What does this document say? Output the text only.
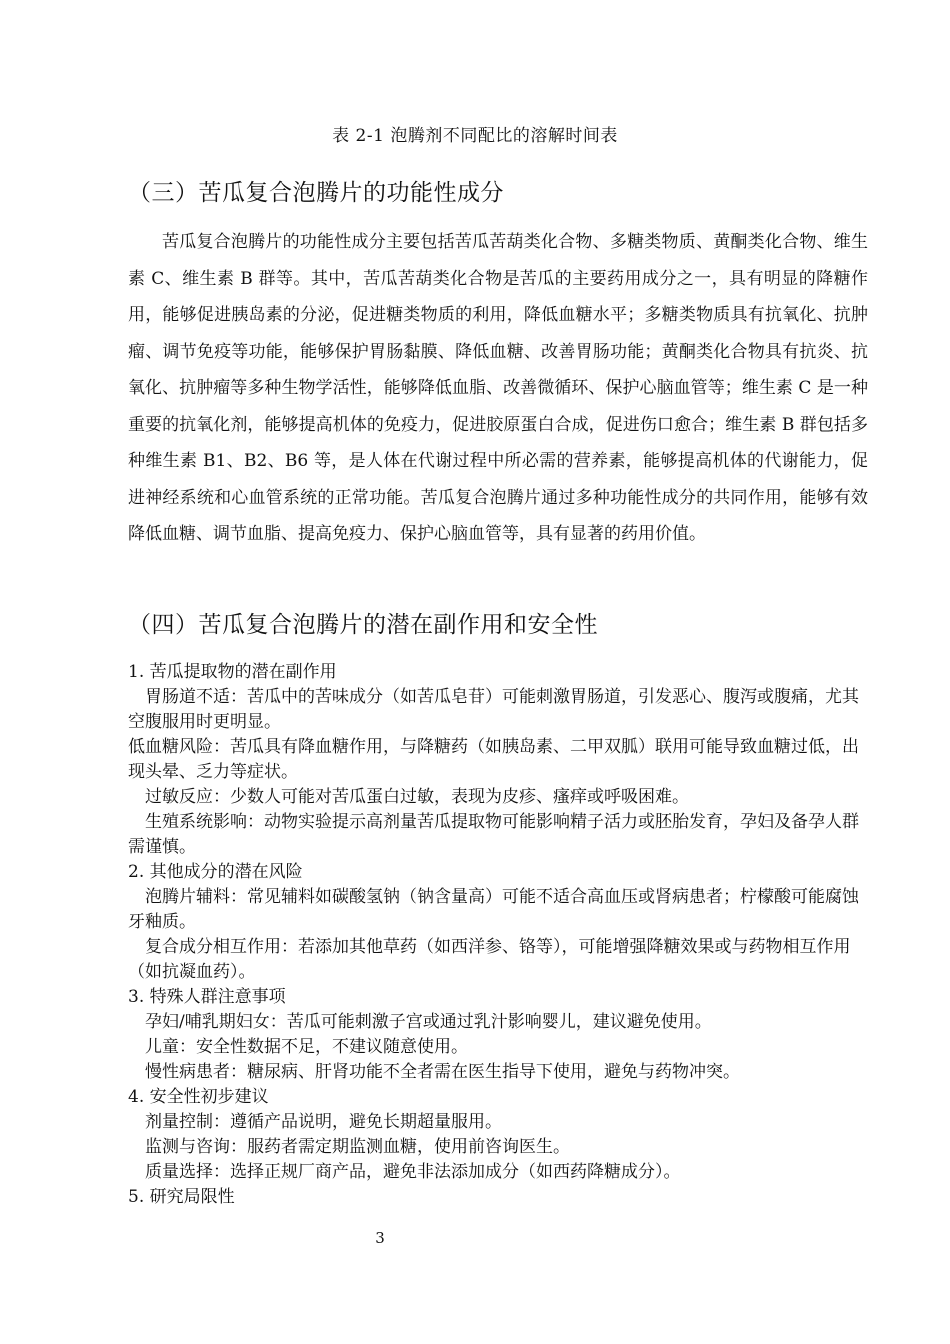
表 2-1 泡腾剂不同配比的溶解时间表
（三）苦瓜复合泡腾片的功能性成分

苦瓜复合泡腾片的功能性成分主要包括苦瓜苦葫类化合物、多糖类物质、黄酮类化合物、维生素 C、维生素 B 群等。其中，苦瓜苦葫类化合物是苦瓜的主要药用成分之一，具有明显的降糖作用，能够促进胰岛素的分泌，促进糖类物质的利用，降低血糖水平；多糖类物质具有抗氧化、抗肿瘤、调节免疫等功能，能够保护胃肠黏膜、降低血糖、改善胃肠功能；黄酮类化合物具有抗炎、抗氧化、抗肿瘤等多种生物学活性，能够降低血脂、改善微循环、保护心脑血管等；维生素 C 是一种重要的抗氧化剂，能够提高机体的免疫力，促进胶原蛋白合成，促进伤口愈合；维生素 B 群包括多种维生素 B1、B2、B6 等，是人体在代谢过程中所必需的营养素，能够提高机体的代谢能力，促进神经系统和心血管系统的正常功能。苦瓜复合泡腾片通过多种功能性成分的共同作用，能够有效降低血糖、调节血脂、提高免疫力、保护心脑血管等，具有显著的药用价值。

（四）苦瓜复合泡腾片的潜在副作用和安全性

1. 苦瓜提取物的潜在副作用

胃肠道不适：苦瓜中的苦味成分（如苦瓜皂苷）可能刺激胃肠道，引发恶心、腹泻或腹痛，尤其空腹服用时更明显。

低血糖风险：苦瓜具有降血糖作用，与降糖药（如胰岛素、二甲双胍）联用可能导致血糖过低，出现头晕、乏力等症状。

过敏反应：少数人可能对苦瓜蛋白过敏，表现为皮疹、瘙痒或呼吸困难。

生殖系统影响：动物实验提示高剂量苦瓜提取物可能影响精子活力或胚胎发育，孕妇及备孕人群需谨慎。

2. 其他成分的潜在风险

泡腾片辅料：常见辅料如碳酸氢钠（钠含量高）可能不适合高血压或肾病患者；柠檬酸可能腐蚀牙釉质。

复合成分相互作用：若添加其他草药（如西洋参、铬等），可能增强降糖效果或与药物相互作用（如抗凝血药）。

3. 特殊人群注意事项

孕妇/哺乳期妇女：苦瓜可能刺激子宫或通过乳汁影响婴儿，建议避免使用。

儿童：安全性数据不足，不建议随意使用。

慢性病患者：糖尿病、肝肾功能不全者需在医生指导下使用，避免与药物冲突。

4. 安全性初步建议

剂量控制：遵循产品说明，避免长期超量服用。

监测与咨询：服药者需定期监测血糖，使用前咨询医生。

质量选择：选择正规厂商产品，避免非法添加成分（如西药降糖成分）。

5. 研究局限性

3
